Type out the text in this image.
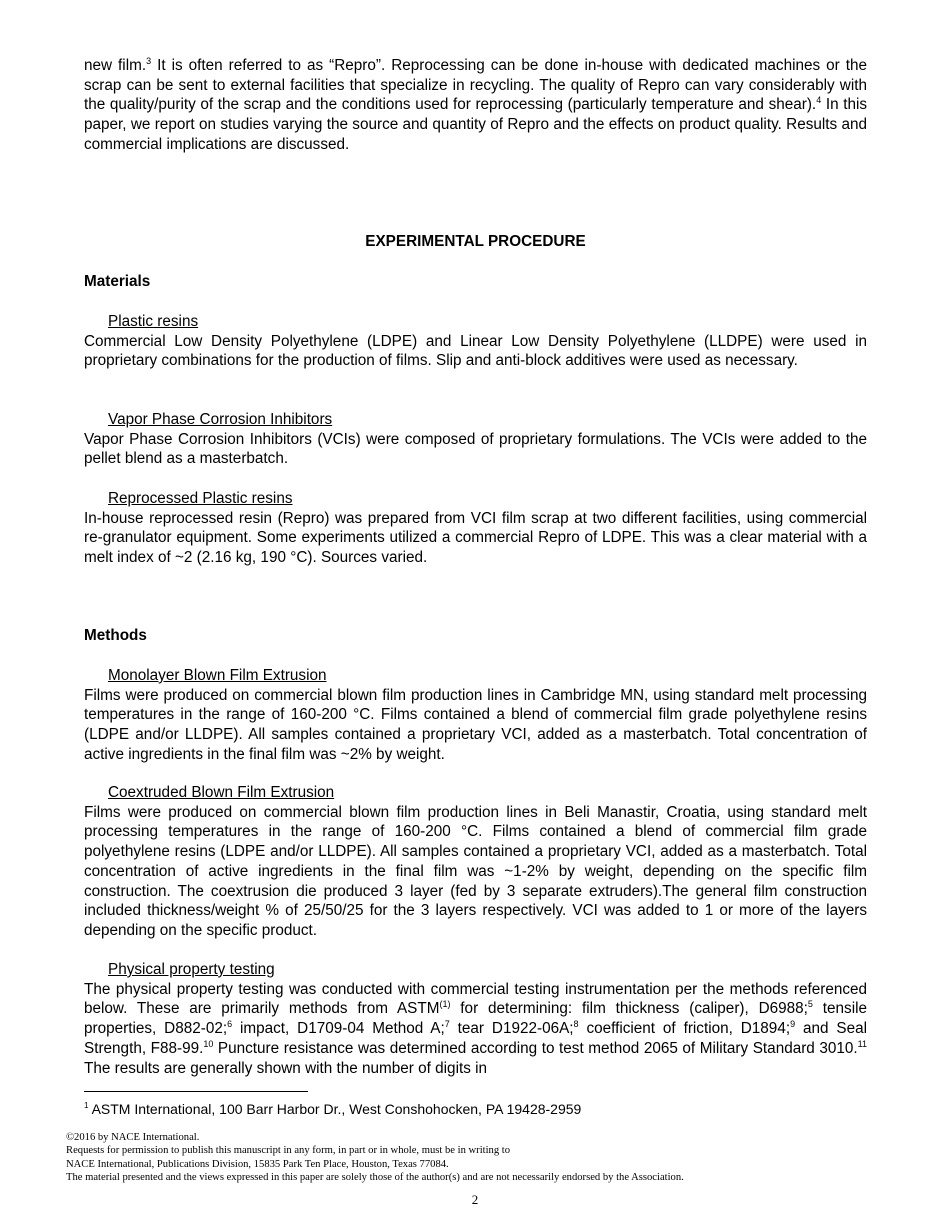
new film.$^3$ It is often referred to as “Repro”. Reprocessing can be done in-house with dedicated machines or the scrap can be sent to external facilities that specialize in recycling. The quality of Repro can vary considerably with the quality/purity of the scrap and the conditions used for reprocessing (particularly temperature and shear).$^4$ In this paper, we report on studies varying the source and quantity of Repro and the effects on product quality. Results and commercial implications are discussed.

EXPERIMENTAL PROCEDURE

Materials

Plastic resins

Commercial Low Density Polyethylene (LDPE) and Linear Low Density Polyethylene (LLDPE) were used in proprietary combinations for the production of films. Slip and anti-block additives were used as necessary.

Vapor Phase Corrosion Inhibitors

Vapor Phase Corrosion Inhibitors (VCIs) were composed of proprietary formulations. The VCIs were added to the pellet blend as a masterbatch.

Reprocessed Plastic resins

In-house reprocessed resin (Repro) was prepared from VCI film scrap at two different facilities, using commercial re-granulator equipment. Some experiments utilized a commercial Repro of LDPE. This was a clear material with a melt index of ~2 (2.16 kg, 190 °C). Sources varied.

Methods

Monolayer Blown Film Extrusion

Films were produced on commercial blown film production lines in Cambridge MN, using standard melt processing temperatures in the range of 160-200 °C. Films contained a blend of commercial film grade polyethylene resins (LDPE and/or LLDPE). All samples contained a proprietary VCI, added as a masterbatch. Total concentration of active ingredients in the final film was ~2% by weight.

Coextruded Blown Film Extrusion

Films were produced on commercial blown film production lines in Beli Manastir, Croatia, using standard melt processing temperatures in the range of 160-200 °C. Films contained a blend of commercial film grade polyethylene resins (LDPE and/or LLDPE). All samples contained a proprietary VCI, added as a masterbatch. Total concentration of active ingredients in the final film was ~1-2% by weight, depending on the specific film construction. The coextrusion die produced 3 layer (fed by 3 separate extruders).The general film construction included thickness/weight % of 25/50/25 for the 3 layers respectively. VCI was added to 1 or more of the layers depending on the specific product.

Physical property testing

The physical property testing was conducted with commercial testing instrumentation per the methods referenced below. These are primarily methods from ASTM$^{(1)}$ for determining: film thickness (caliper), D6988;$^5$ tensile properties, D882-02;$^6$ impact, D1709-04 Method A;$^7$ tear D1922-06A;$^8$ coefficient of friction, D1894;$^9$ and Seal Strength, F88-99.10 Puncture resistance was determined according to test method 2065 of Military Standard 3010.11 The results are generally shown with the number of digits in

$^1$ ASTM International, 100 Barr Harbor Dr., West Conshohocken, PA 19428-2959
©2016 by NACE International.
Requests for permission to publish this manuscript in any form, in part or in whole, must be in writing to
NACE International, Publications Division, 15835 Park Ten Place, Houston, Texas 77084.
The material presented and the views expressed in this paper are solely those of the author(s) and are not necessarily endorsed by the Association.
2
